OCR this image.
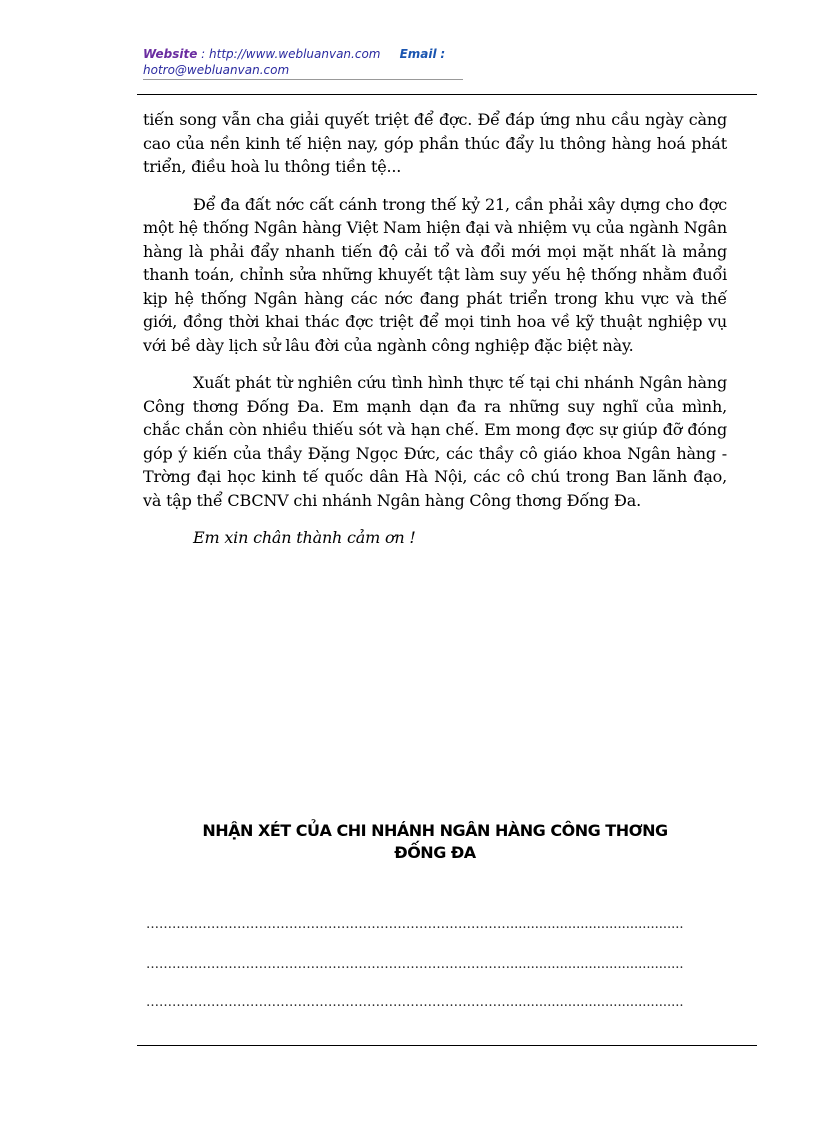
Website : http://www.webluanvan.com Email :
hotro@webluanvan.com

tiến song vẫn cha giải quyết triệt để đợc. Để đáp ứng nhu cầu ngày càng cao của nền kinh tế hiện nay, góp phần thúc đẩy lu thông hàng hoá phát triển, điều hoà lu thông tiền tệ...

Để đa đất nớc cất cánh trong thế kỷ 21, cần phải xây dựng cho đợc một hệ thống Ngân hàng Việt Nam hiện đại và nhiệm vụ của ngành Ngân hàng là phải đẩy nhanh tiến độ cải tổ và đổi mới mọi mặt nhất là mảng thanh toán, chỉnh sửa những khuyết tật làm suy yếu hệ thống nhằm đuổi kịp hệ thống Ngân hàng các nớc đang phát triển trong khu vực và thế giới, đồng thời khai thác đợc triệt để mọi tinh hoa về kỹ thuật nghiệp vụ với bề dày lịch sử lâu đời của ngành công nghiệp đặc biệt này.

Xuất phát từ nghiên cứu tình hình thực tế tại chi nhánh Ngân hàng Công thơng Đống Đa. Em mạnh dạn đa ra những suy nghĩ của mình, chắc chắn còn nhiều thiếu sót và hạn chế. Em mong đợc sự giúp đỡ đóng góp ý kiến của thầy Đặng Ngọc Đức, các thầy cô giáo khoa Ngân hàng - Trờng đại học kinh tế quốc dân Hà Nội, các cô chú trong Ban lãnh đạo, và tập thể CBCNV chi nhánh Ngân hàng Công thơng Đống Đa.

Em xin chân thành cảm ơn !

NHẬN XÉT CỦA CHI NHÁNH NGÂN HÀNG CÔNG THƠNG
ĐỐNG ĐA
…………………………………………………………………………..........................................
…………………………………………………………………………..........................................
…………………………………………………………………………..........................................
